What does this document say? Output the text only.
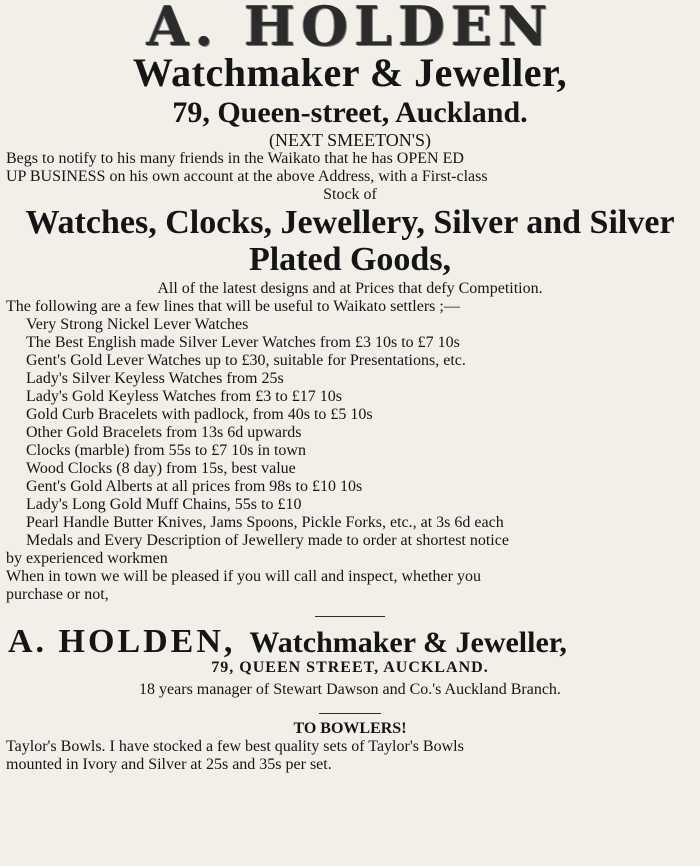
A. HOLDEN
Watchmaker & Jeweller,
79, Queen-street, Auckland.
(NEXT SMEETON'S)

Begs to notify to his many friends in the Waikato that he has OPEN ED

UP BUSINESS on his own account at the above Address, with a First-class

Stock of
Watches, Clocks, Jewellery, Silver and Silver
Plated Goods,
All of the latest designs and at Prices that defy Competition.

The following are a few lines that will be useful to Waikato settlers ;—

Very Strong Nickel Lever Watches
The Best English made Silver Lever Watches from £3 10s to £7 10s
Gent's Gold Lever Watches up to £30, suitable for Presentations, etc.
Lady's Silver Keyless Watches from 25s
Lady's Gold Keyless Watches from £3 to £17 10s
Gold Curb Bracelets with padlock, from 40s to £5 10s
Other Gold Bracelets from 13s 6d upwards
Clocks (marble) from 55s to £7 10s in town
Wood Clocks (8 day) from 15s, best value
Gent's Gold Alberts at all prices from 98s to £10 10s
Lady's Long Gold Muff Chains, 55s to £10
Pearl Handle Butter Knives, Jams Spoons, Pickle Forks, etc., at 3s 6d each
Medals and Every Description of Jewellery made to order at shortest notice

by experienced workmen

When in town we will be pleased if you will call and inspect, whether you

purchase or not,

A. HOLDEN, Watchmaker & Jeweller,
79, QUEEN STREET, AUCKLAND.
18 years manager of Stewart Dawson and Co.'s Auckland Branch.
TO BOWLERS!

Taylor's Bowls. I have stocked a few best quality sets of Taylor's Bowls

mounted in Ivory and Silver at 25s and 35s per set.
